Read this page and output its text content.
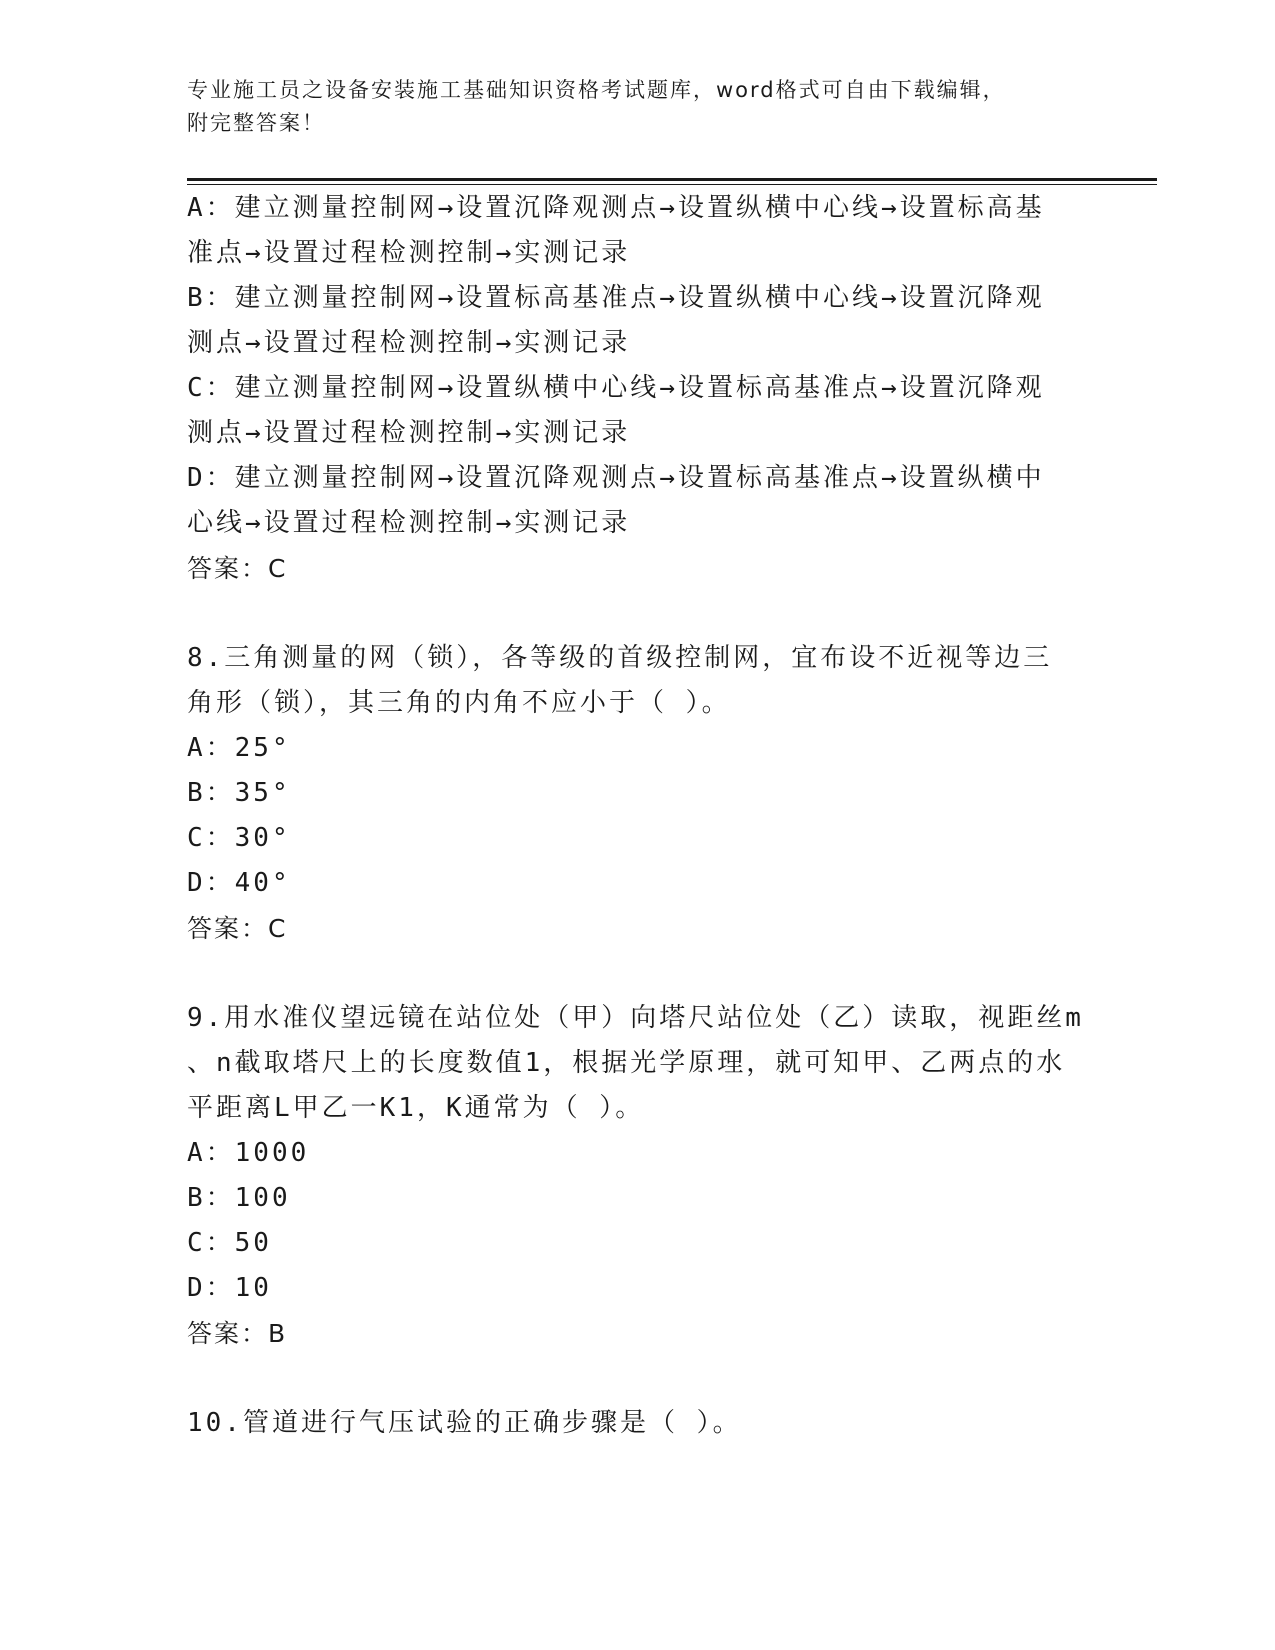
专业施工员之设备安装施工基础知识资格考试题库，word格式可自由下载编辑，
附完整答案！
A：建立测量控制网→设置沉降观测点→设置纵横中心线→设置标高基
准点→设置过程检测控制→实测记录
B：建立测量控制网→设置标高基准点→设置纵横中心线→设置沉降观
测点→设置过程检测控制→实测记录
C：建立测量控制网→设置纵横中心线→设置标高基准点→设置沉降观
测点→设置过程检测控制→实测记录
D：建立测量控制网→设置沉降观测点→设置标高基准点→设置纵横中
心线→设置过程检测控制→实测记录
答案：C
8.三角测量的网（锁），各等级的首级控制网，宜布设不近视等边三
角形（锁），其三角的内角不应小于（ ）。
A：25°
B：35°
C：30°
D：40°
答案：C
9.用水准仪望远镜在站位处（甲）向塔尺站位处（乙）读取，视距丝m
、n截取塔尺上的长度数值1，根据光学原理，就可知甲、乙两点的水
平距离L甲乙一K1，K通常为（ ）。
A：1000
B：100
C：50
D：10
答案：B
10.管道进行气压试验的正确步骤是（ ）。
